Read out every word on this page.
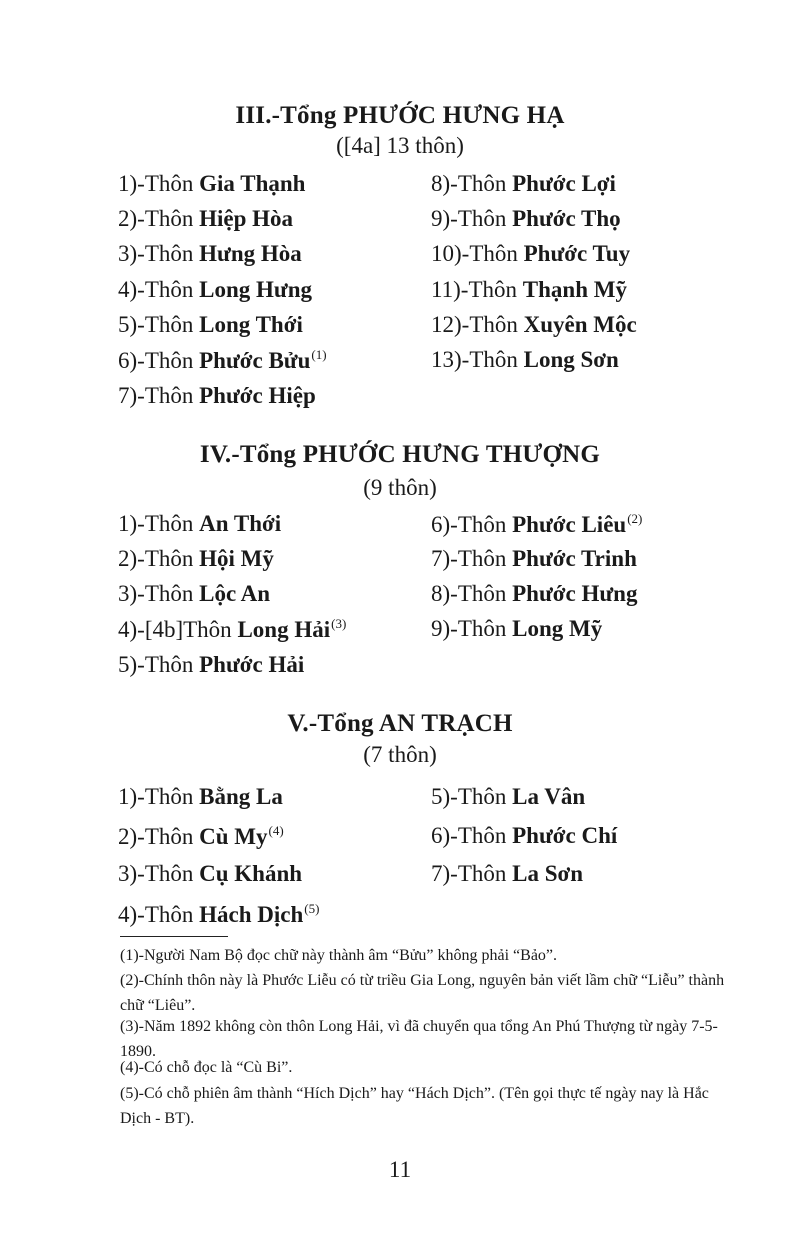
III.-Tổng PHƯỚC HƯNG HẠ
([4a] 13 thôn)
1)-Thôn Gia Thạnh
2)-Thôn Hiệp Hòa
3)-Thôn Hưng Hòa
4)-Thôn Long Hưng
5)-Thôn Long Thới
6)-Thôn Phước Bửu$^{(1)}$
7)-Thôn Phước Hiệp
8)-Thôn Phước Lợi
9)-Thôn Phước Thọ
10)-Thôn Phước Tuy
11)-Thôn Thạnh Mỹ
12)-Thôn Xuyên Mộc
13)-Thôn Long Sơn
IV.-Tổng PHƯỚC HƯNG THƯỢNG
(9 thôn)
1)-Thôn An Thới
2)-Thôn Hội Mỹ
3)-Thôn Lộc An
4)-[4b]Thôn Long Hải$^{(3)}$
5)-Thôn Phước Hải
6)-Thôn Phước Liêu$^{(2)}$
7)-Thôn Phước Trinh
8)-Thôn Phước Hưng
9)-Thôn Long Mỹ
V.-Tổng AN TRẠCH
(7 thôn)
1)-Thôn Bằng La
2)-Thôn Cù My$^{(4)}$
3)-Thôn Cụ Khánh
4)-Thôn Hách Dịch$^{(5)}$
5)-Thôn La Vân
6)-Thôn Phước Chí
7)-Thôn La Sơn
(1)-Người Nam Bộ đọc chữ này thành âm “Bửu” không phải “Bảo”.
(2)-Chính thôn này là Phước Liễu có từ triều Gia Long, nguyên bản viết lầm chữ “Liễu” thành chữ “Liêu”.
(3)-Năm 1892 không còn thôn Long Hải, vì đã chuyển qua tổng An Phú Thượng từ ngày 7-5-1890.
(4)-Có chỗ đọc là “Cù Bi”.
(5)-Có chỗ phiên âm thành “Hích Dịch” hay “Hách Dịch”. (Tên gọi thực tế ngày nay là Hắc Dịch - BT).
11
